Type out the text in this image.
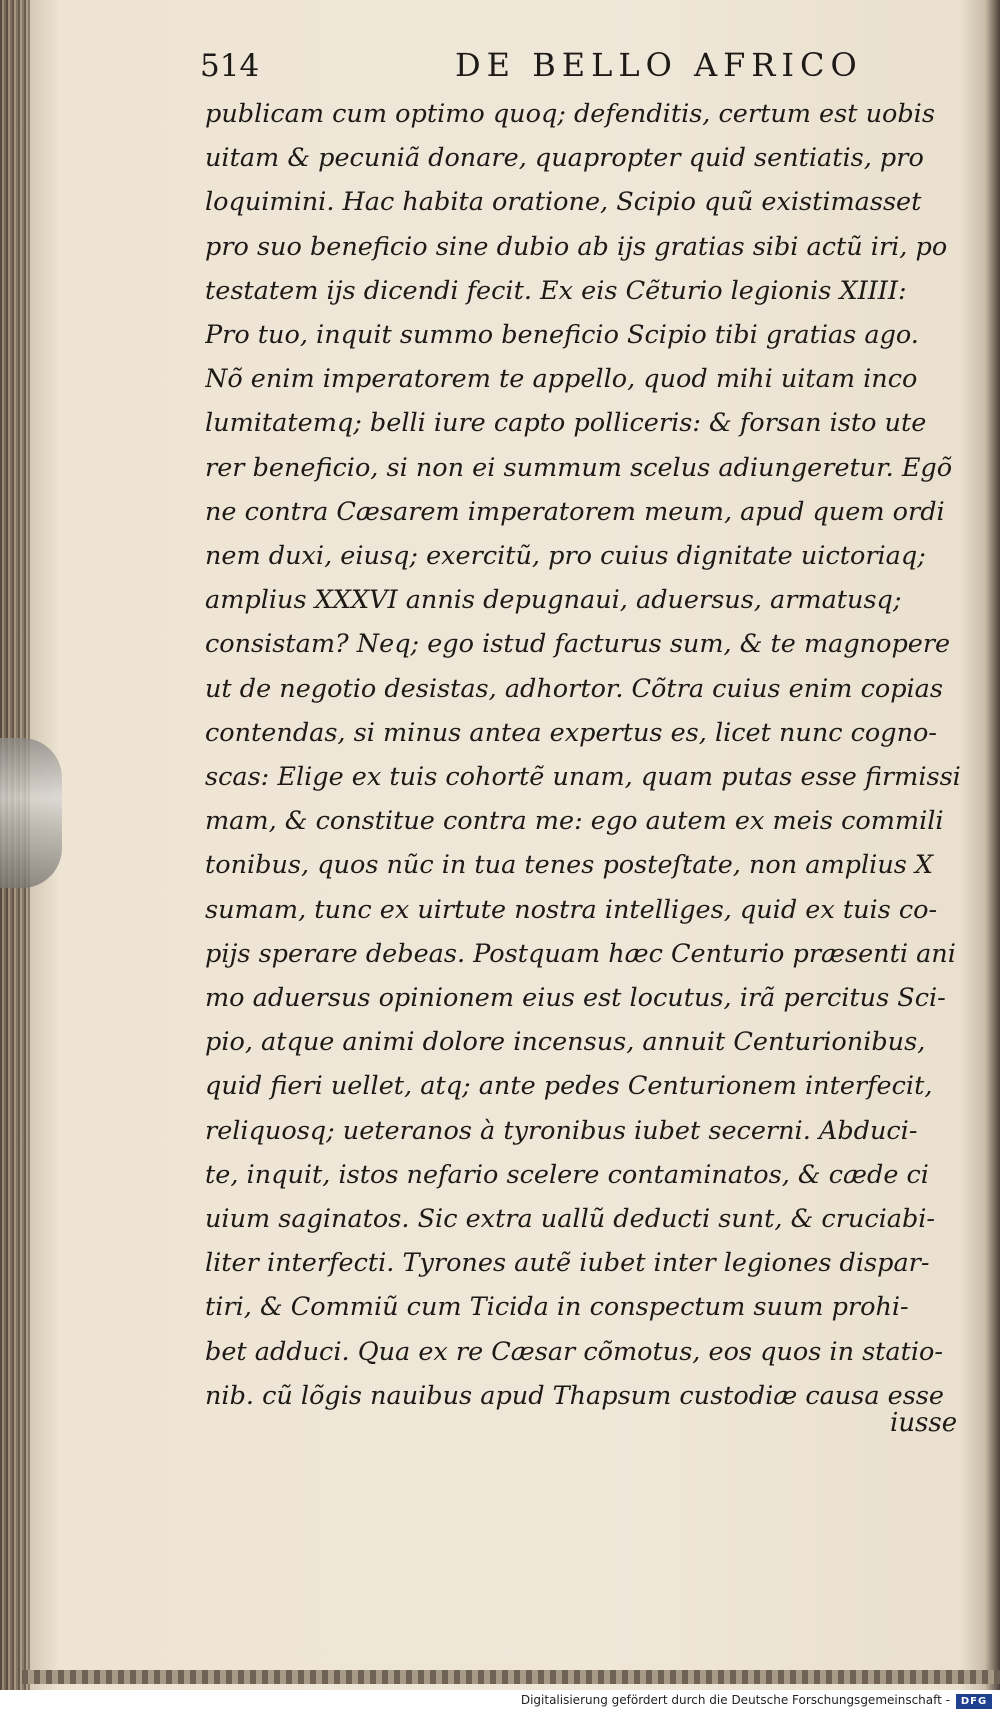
514	DE BELLO AFRICO
publicam cum optimo quoq; defenditis, certum est uobis
uitam & pecuniã donare, quapropter quid sentiatis, pro
loquimini. Hac habita oratione, Scipio quũ existimasset
pro suo beneficio sine dubio ab ijs gratias sibi actũ iri, po
testatem ijs dicendi fecit. Ex eis Cẽturio legionis XIIII:
Pro tuo, inquit summo beneficio Scipio tibi gratias ago.
Nõ enim imperatorem te appello, quod mihi uitam inco
lumitatemq; belli iure capto polliceris: & forsan isto ute
rer beneficio, si non ei summum scelus adiungeretur. Egõ
ne contra Cæsarem imperatorem meum, apud quem ordi
nem duxi, eiusq; exercitũ, pro cuius dignitate uictoriaq;
amplius XXXVI annis depugnaui, aduersus, armatusq;
consistam? Neq; ego istud facturus sum, & te magnopere
ut de negotio desistas, adhortor. Cõtra cuius enim copias
contendas, si minus antea expertus es, licet nunc cogno-
scas: Elige ex tuis cohortẽ unam, quam putas esse firmissi
mam, & constitue contra me: ego autem ex meis commili
tonibus, quos nũc in tua tenes posteſtate, non amplius X
sumam, tunc ex uirtute nostra intelliges, quid ex tuis co-
pijs sperare debeas. Postquam hæc Centurio præsenti ani
mo aduersus opinionem eius est locutus, irã percitus Sci-
pio, atque animi dolore incensus, annuit Centurionibus,
quid fieri uellet, atq; ante pedes Centurionem interfecit,
reliquosq; ueteranos à tyronibus iubet secerni. Abduci-
te, inquit, istos nefario scelere contaminatos, & cæde ci
uium saginatos. Sic extra uallũ deducti sunt, & cruciabi-
liter interfecti. Tyrones autẽ iubet inter legiones dispar-
tiri, & Commiũ cum Ticida in conspectum suum prohi-
bet adduci. Qua ex re Cæsar cõmotus, eos quos in statio-
nib. cũ lõgis nauibus apud Thapsum custodiæ causa esse
iusse
Digitalisierung gefördert durch die Deutsche Forschungsgemeinschaft -	DFG
